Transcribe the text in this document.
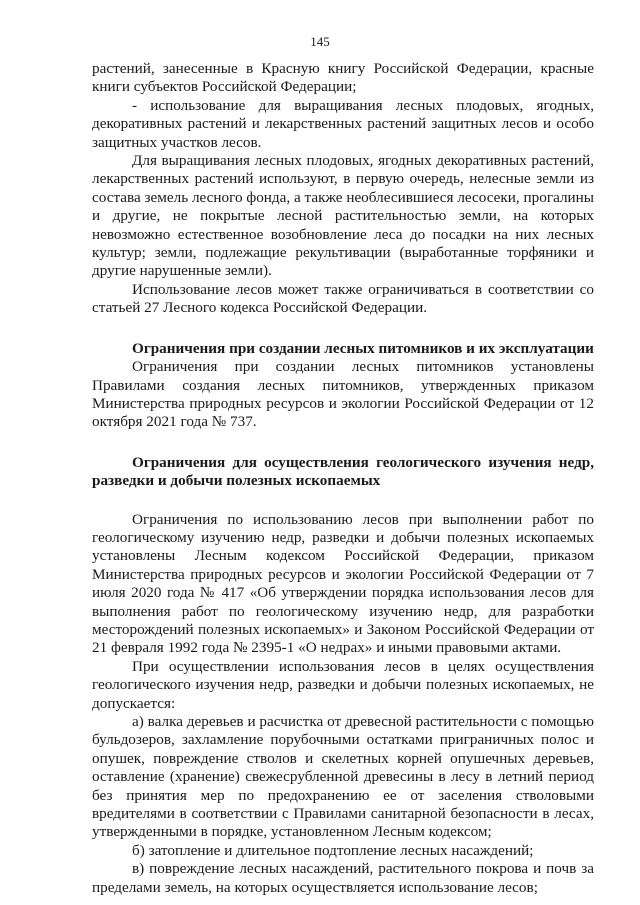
145

растений, занесенные в Красную книгу Российской Федерации, красные книги субъектов Российской Федерации;

- использование для выращивания лесных плодовых, ягодных, декоративных растений и лекарственных растений защитных лесов и особо защитных участков лесов.

Для выращивания лесных плодовых, ягодных декоративных растений, лекарственных растений используют, в первую очередь, нелесные земли из состава земель лесного фонда, а также необлесившиеся лесосеки, прогалины и другие, не покрытые лесной растительностью земли, на которых невозможно естественное возобновление леса до посадки на них лесных культур; земли, подлежащие рекультивации (выработанные торфяники и другие нарушенные земли).

Использование лесов может также ограничиваться в соответствии со статьей 27 Лесного кодекса Российской Федерации.

Ограничения при создании лесных питомников и их эксплуатации

Ограничения при создании лесных питомников установлены Правилами создания лесных питомников, утвержденных приказом Министерства природных ресурсов и экологии Российской Федерации от 12 октября 2021 года № 737.

Ограничения для осуществления геологического изучения недр, разведки и добычи полезных ископаемых

Ограничения по использованию лесов при выполнении работ по геологическому изучению недр, разведки и добычи полезных ископаемых установлены Лесным кодексом Российской Федерации, приказом Министерства природных ресурсов и экологии Российской Федерации от 7 июля 2020 года № 417 «Об утверждении порядка использования лесов для выполнения работ по геологическому изучению недр, для разработки месторождений полезных ископаемых» и Законом Российской Федерации от 21 февраля 1992 года № 2395-1 «О недрах» и иными правовыми актами.

При осуществлении использования лесов в целях осуществления геологического изучения недр, разведки и добычи полезных ископаемых, не допускается:

а) валка деревьев и расчистка от древесной растительности с помощью бульдозеров, захламление порубочными остатками приграничных полос и опушек, повреждение стволов и скелетных корней опушечных деревьев, оставление (хранение) свежесрубленной древесины в лесу в летний период без принятия мер по предохранению ее от заселения стволовыми вредителями в соответствии с Правилами санитарной безопасности в лесах, утвержденными в порядке, установленном Лесным кодексом;

б) затопление и длительное подтопление лесных насаждений;

в) повреждение лесных насаждений, растительного покрова и почв за пределами земель, на которых осуществляется использование лесов;
